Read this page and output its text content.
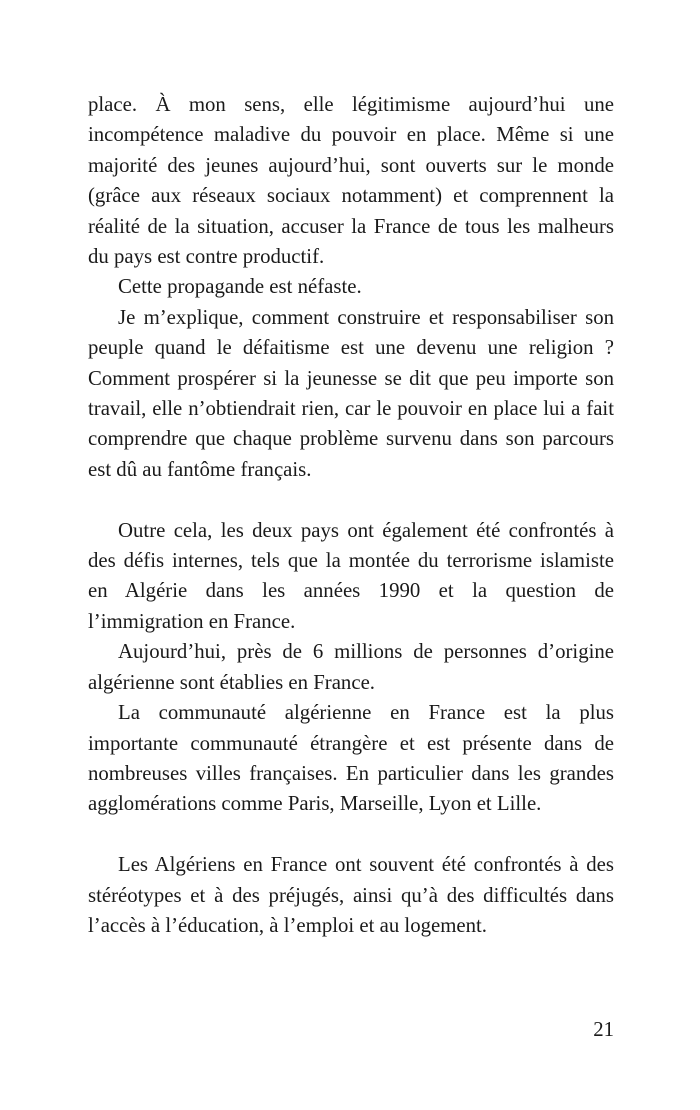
place. À mon sens, elle légitimisme aujourd’hui une incompétence maladive du pouvoir en place. Même si une majorité des jeunes aujourd’hui, sont ouverts sur le monde (grâce aux réseaux sociaux notamment) et comprennent la réalité de la situation, accuser la France de tous les malheurs du pays est contre productif.

Cette propagande est néfaste.

Je m’explique, comment construire et responsabiliser son peuple quand le défaitisme est une devenu une religion ? Comment prospérer si la jeunesse se dit que peu importe son travail, elle n’obtiendrait rien, car le pouvoir en place lui a fait comprendre que chaque problème survenu dans son parcours est dû au fantôme français.

Outre cela, les deux pays ont également été confrontés à des défis internes, tels que la montée du terrorisme islamiste en Algérie dans les années 1990 et la question de l’immigration en France.

Aujourd’hui, près de 6 millions de personnes d’origine algérienne sont établies en France.

La communauté algérienne en France est la plus importante communauté étrangère et est présente dans de nombreuses villes françaises. En particulier dans les grandes agglomérations comme Paris, Marseille, Lyon et Lille.

Les Algériens en France ont souvent été confrontés à des stéréotypes et à des préjugés, ainsi qu’à des difficultés dans l’accès à l’éducation, à l’emploi et au logement.

21
